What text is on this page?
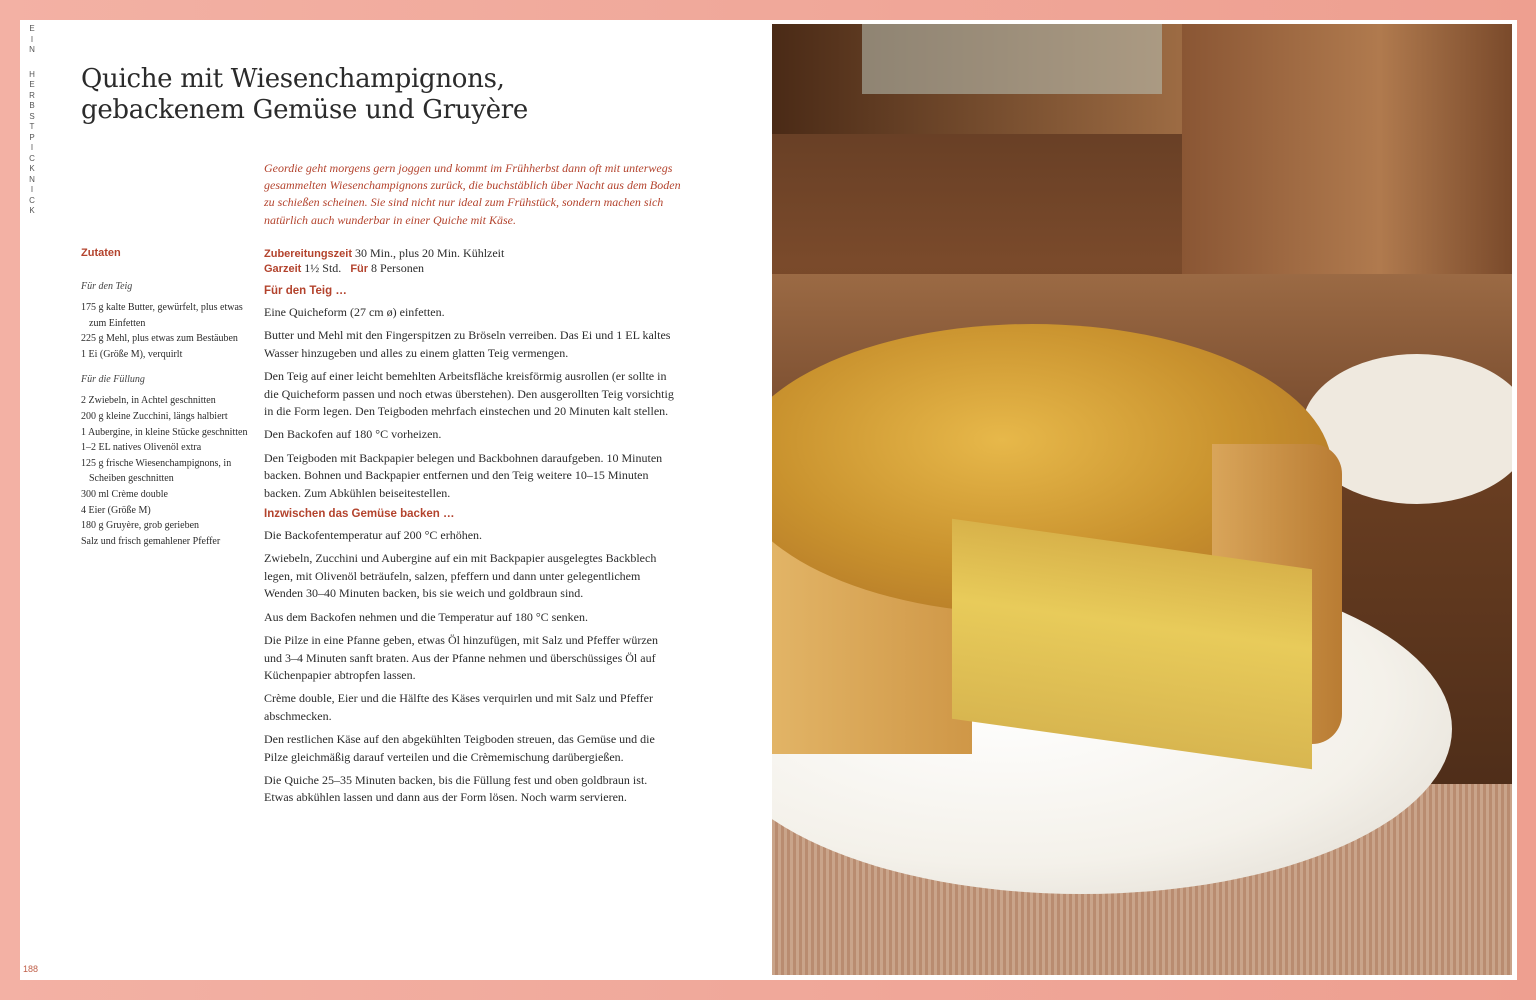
E
I
N
H
E
R
B
S
T
P
I
C
K
N
I
C
K
Quiche mit Wiesenchampignons,
gebackenem Gemüse und Gruyère
Geordie geht morgens gern joggen und kommt im Frühherbst dann oft mit unterwegs gesammelten Wiesenchampignons zurück, die buchstäblich über Nacht aus dem Boden zu schießen scheinen. Sie sind nicht nur ideal zum Frühstück, sondern machen sich natürlich auch wunderbar in einer Quiche mit Käse.
Zutaten
Für den Teig
175 g kalte Butter, gewürfelt, plus etwas zum Einfetten
225 g Mehl, plus etwas zum Bestäuben
1 Ei (Größe M), verquirlt
Für die Füllung
2 Zwiebeln, in Achtel geschnitten
200 g kleine Zucchini, längs halbiert
1 Aubergine, in kleine Stücke geschnitten
1–2 EL natives Olivenöl extra
125 g frische Wiesenchampignons, in Scheiben geschnitten
300 ml Crème double
4 Eier (Größe M)
180 g Gruyère, grob gerieben
Salz und frisch gemahlener Pfeffer
Zubereitungszeit 30 Min., plus 20 Min. Kühlzeit
Garzeit 1½ Std. Für 8 Personen
Für den Teig …

Eine Quicheform (27 cm ø) einfetten.

Butter und Mehl mit den Fingerspitzen zu Bröseln verreiben. Das Ei und 1 EL kaltes Wasser hinzugeben und alles zu einem glatten Teig vermengen.

Den Teig auf einer leicht bemehlten Arbeitsfläche kreisförmig ausrollen (er sollte in die Quicheform passen und noch etwas überstehen). Den ausgerollten Teig vorsichtig in die Form legen. Den Teigboden mehrfach einstechen und 20 Minuten kalt stellen.

Den Backofen auf 180 °C vorheizen.

Den Teigboden mit Backpapier belegen und Backbohnen daraufgeben. 10 Minuten backen. Bohnen und Backpapier entfernen und den Teig weitere 10–15 Minuten backen. Zum Abkühlen beiseitestellen.

Inzwischen das Gemüse backen …

Die Backofentemperatur auf 200 °C erhöhen.

Zwiebeln, Zucchini und Aubergine auf ein mit Backpapier ausgelegtes Backblech legen, mit Olivenöl beträufeln, salzen, pfeffern und dann unter gelegentlichem Wenden 30–40 Minuten backen, bis sie weich und goldbraun sind.

Aus dem Backofen nehmen und die Temperatur auf 180 °C senken.

Die Pilze in eine Pfanne geben, etwas Öl hinzufügen, mit Salz und Pfeffer würzen und 3–4 Minuten sanft braten. Aus der Pfanne nehmen und überschüssiges Öl auf Küchenpapier abtropfen lassen.

Crème double, Eier und die Hälfte des Käses verquirlen und mit Salz und Pfeffer abschmecken.

Den restlichen Käse auf den abgekühlten Teigboden streuen, das Gemüse und die Pilze gleichmäßig darauf verteilen und die Crèmemischung darübergießen.

Die Quiche 25–35 Minuten backen, bis die Füllung fest und oben goldbraun ist. Etwas abkühlen lassen und dann aus der Form lösen. Noch warm servieren.

188
